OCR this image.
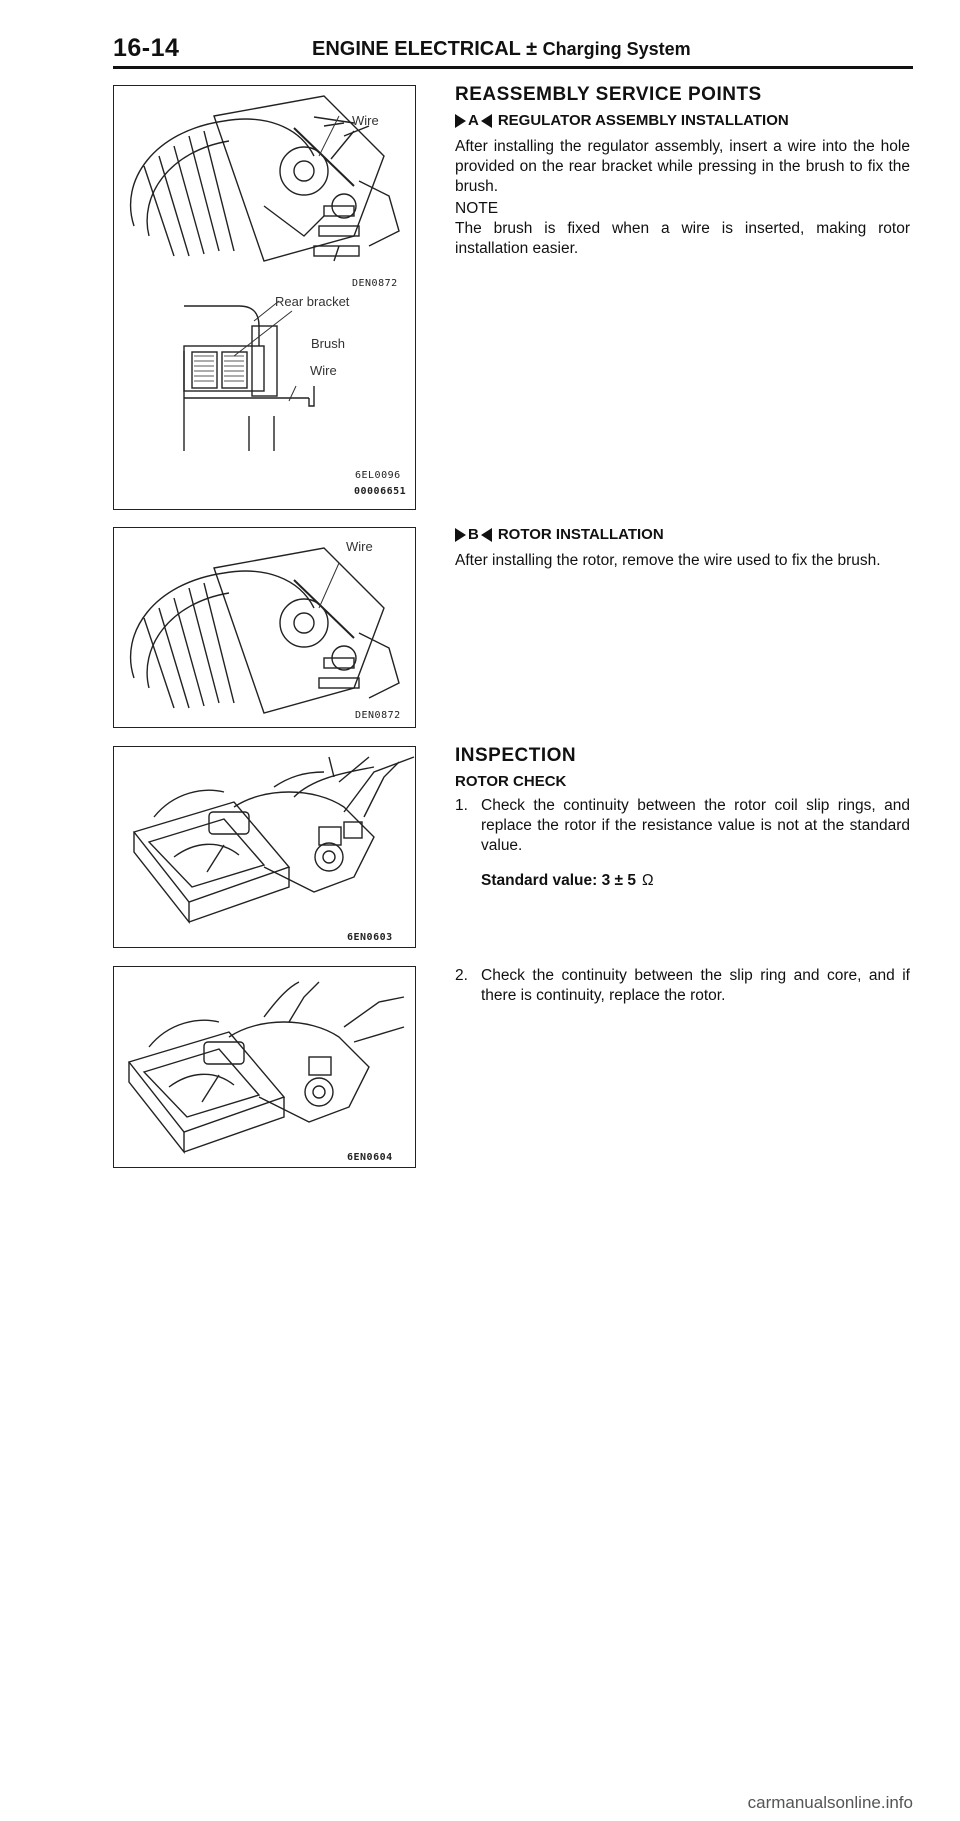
16-14	ENGINE ELECTRICAL ± Charging System
Wire
DEN0872
Rear bracket
Brush
Wire
6EL0096
00006651
Wire
DEN0872
6EN0603
6EN0604
REASSEMBLY SERVICE POINTS
A REGULATOR ASSEMBLY INSTALLATION

After installing the regulator assembly, insert a wire into the hole provided on the rear bracket while pressing in the brush to fix the brush.

NOTE

The brush is fixed when a wire is inserted, making rotor installation easier.

B ROTOR INSTALLATION

After installing the rotor, remove the wire used to fix the brush.

INSPECTION
ROTOR CHECK
1. Check the continuity between the rotor coil slip rings, and replace the rotor if the resistance value is not at the standard value.
Standard value: 3 ± 5 Ω
2. Check the continuity between the slip ring and core, and if there is continuity, replace the rotor.
carmanualsonline.info
